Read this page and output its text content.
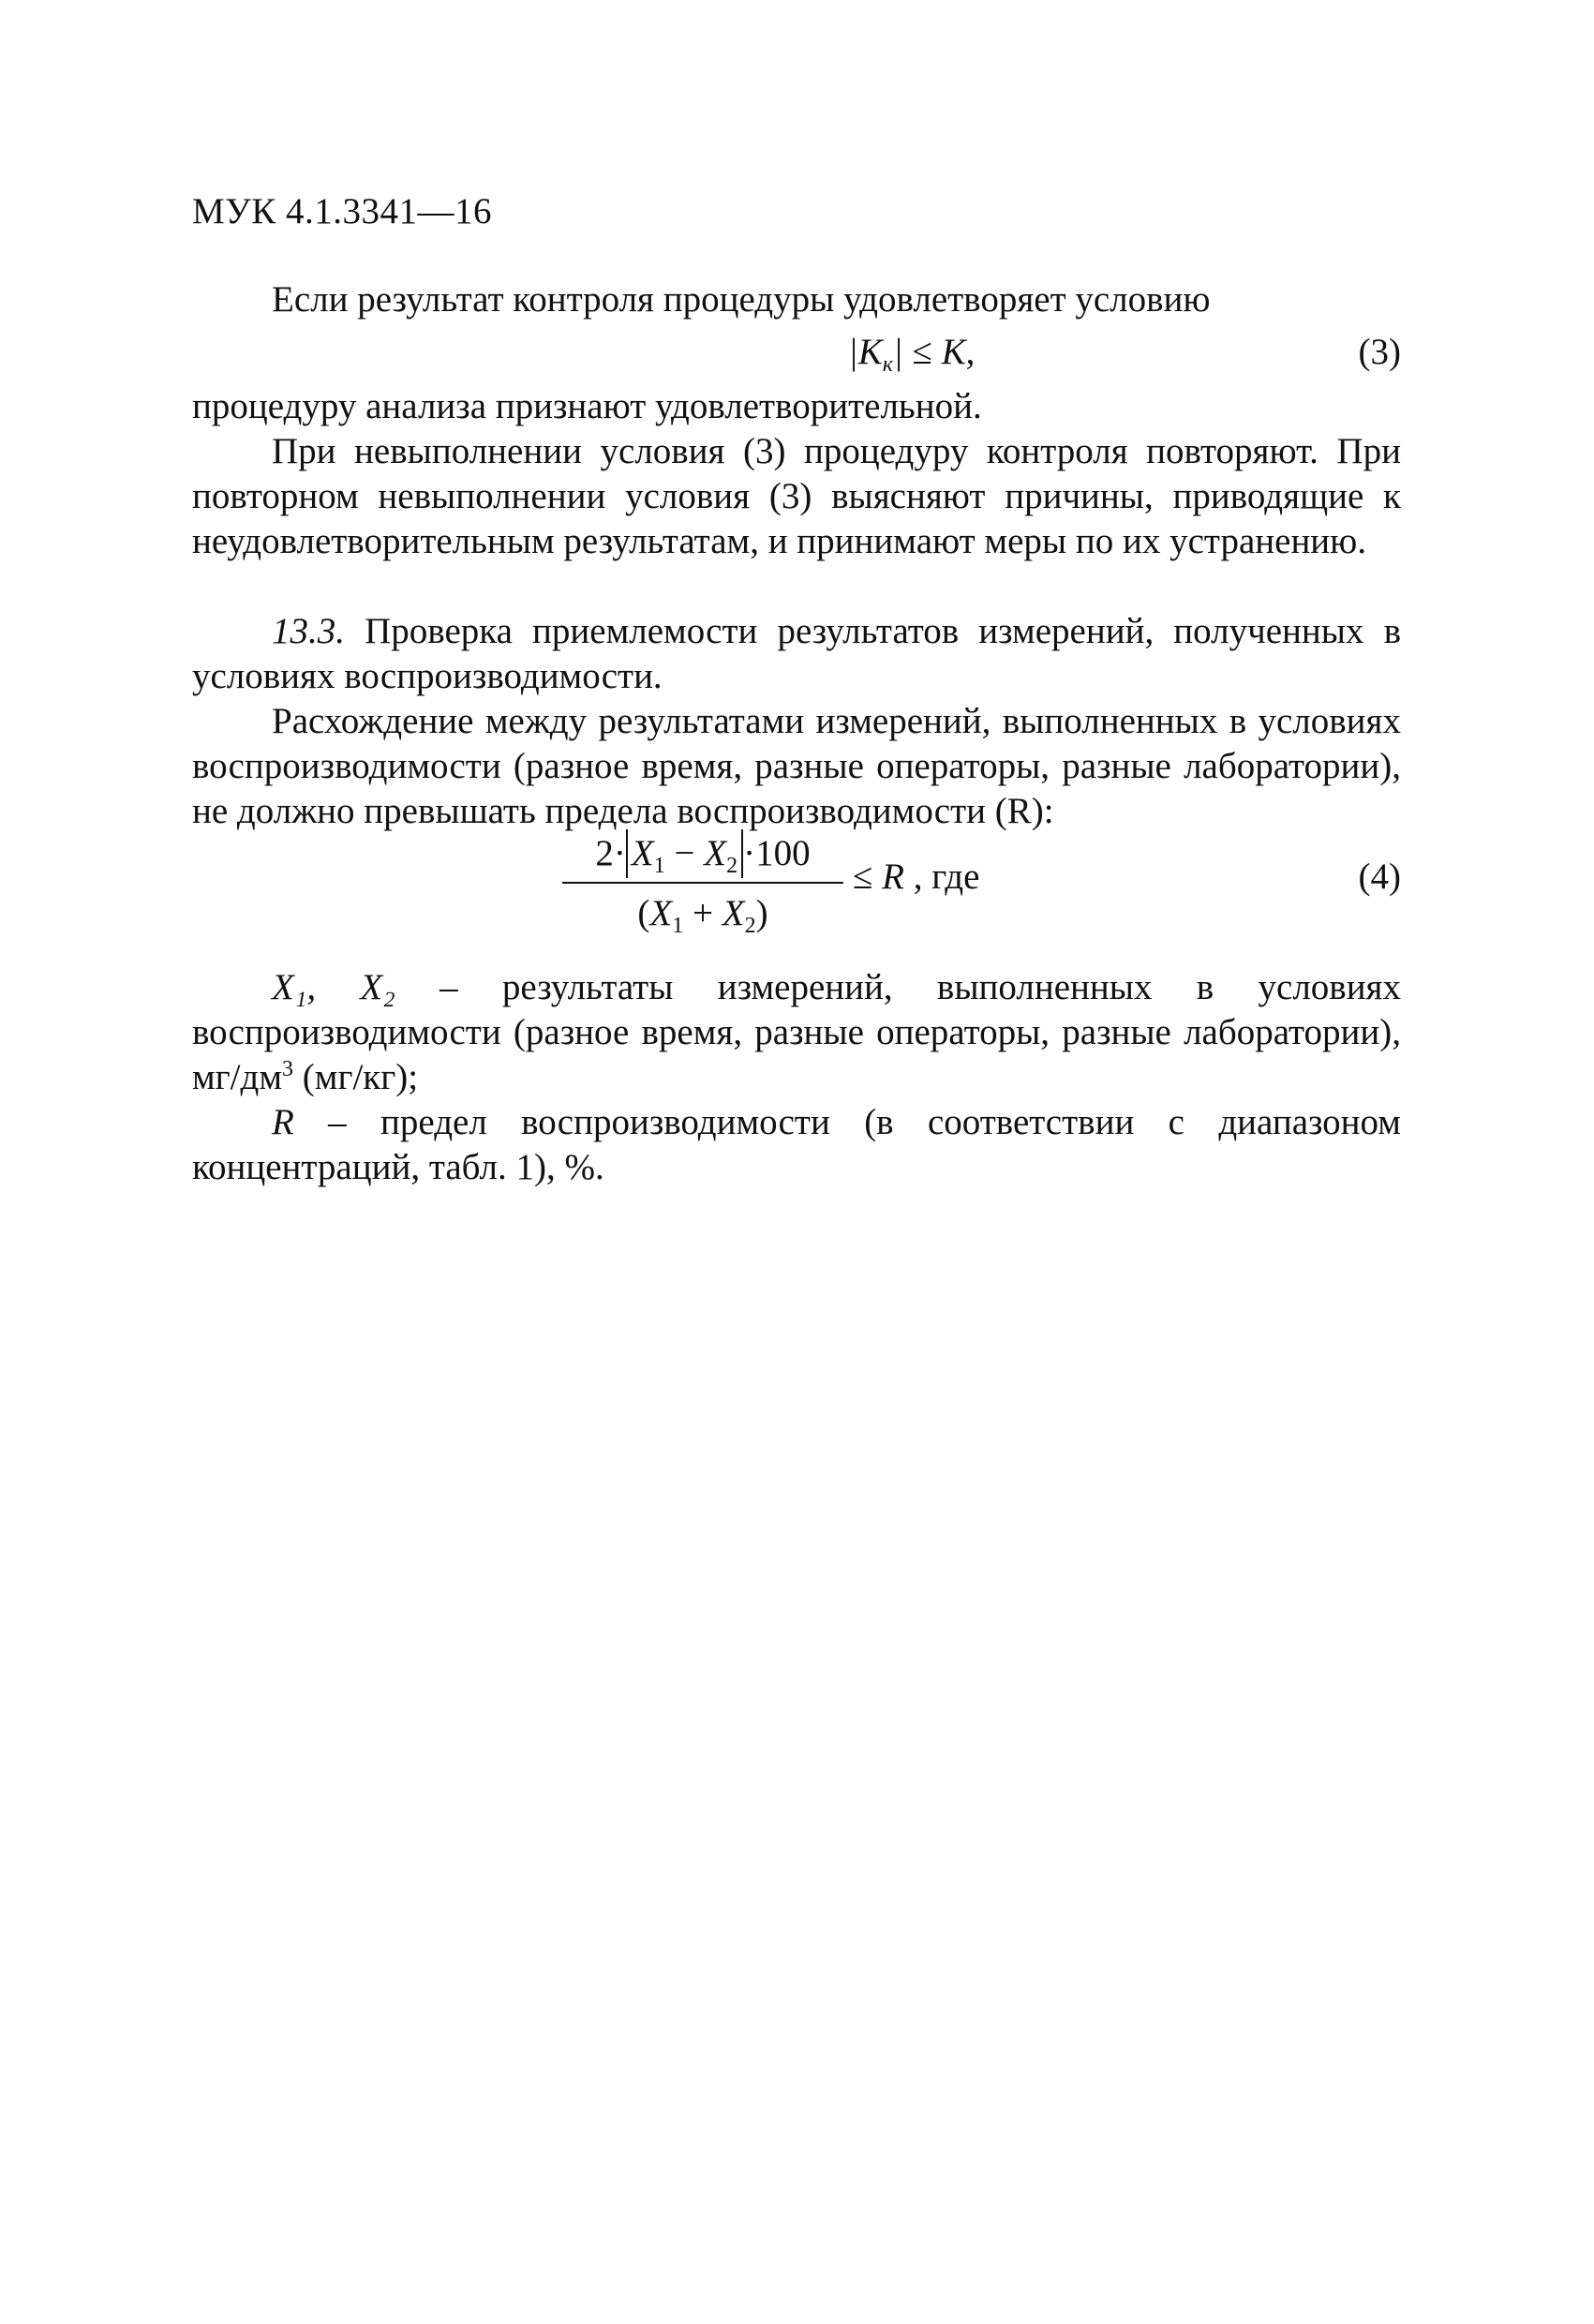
МУК 4.1.3341—16

Если результат контроля процедуры удовлетворяет условию

$|K_к| \le K$,	(3)

процедуру анализа признают удовлетворительной.

При невыполнении условия (3) процедуру контроля повторяют. При повторном невыполнении условия (3) выясняют причины, приводящие к неудовлетворительным результатам, и принимают меры по их устранению.

13.3. Проверка приемлемости результатов измерений, полученных в условиях воспроизводимости.

Расхождение между результатами измерений, выполненных в условиях воспроизводимости (разное время, разные операторы, разные лаборатории), не должно превышать предела воспроизводимости (R):

$2\cdot X_1 - X_2 \cdot 100$
$(X_1 + X_2)$
≤ R , где	(4)

X₁, X₂ – результаты измерений, выполненных в условиях воспроизводимости (разное время, разные операторы, разные лаборатории), $мг/дм^3$ (мг/кг);

R – предел воспроизводимости (в соответствии с диапазоном концентраций, табл. 1), %.
